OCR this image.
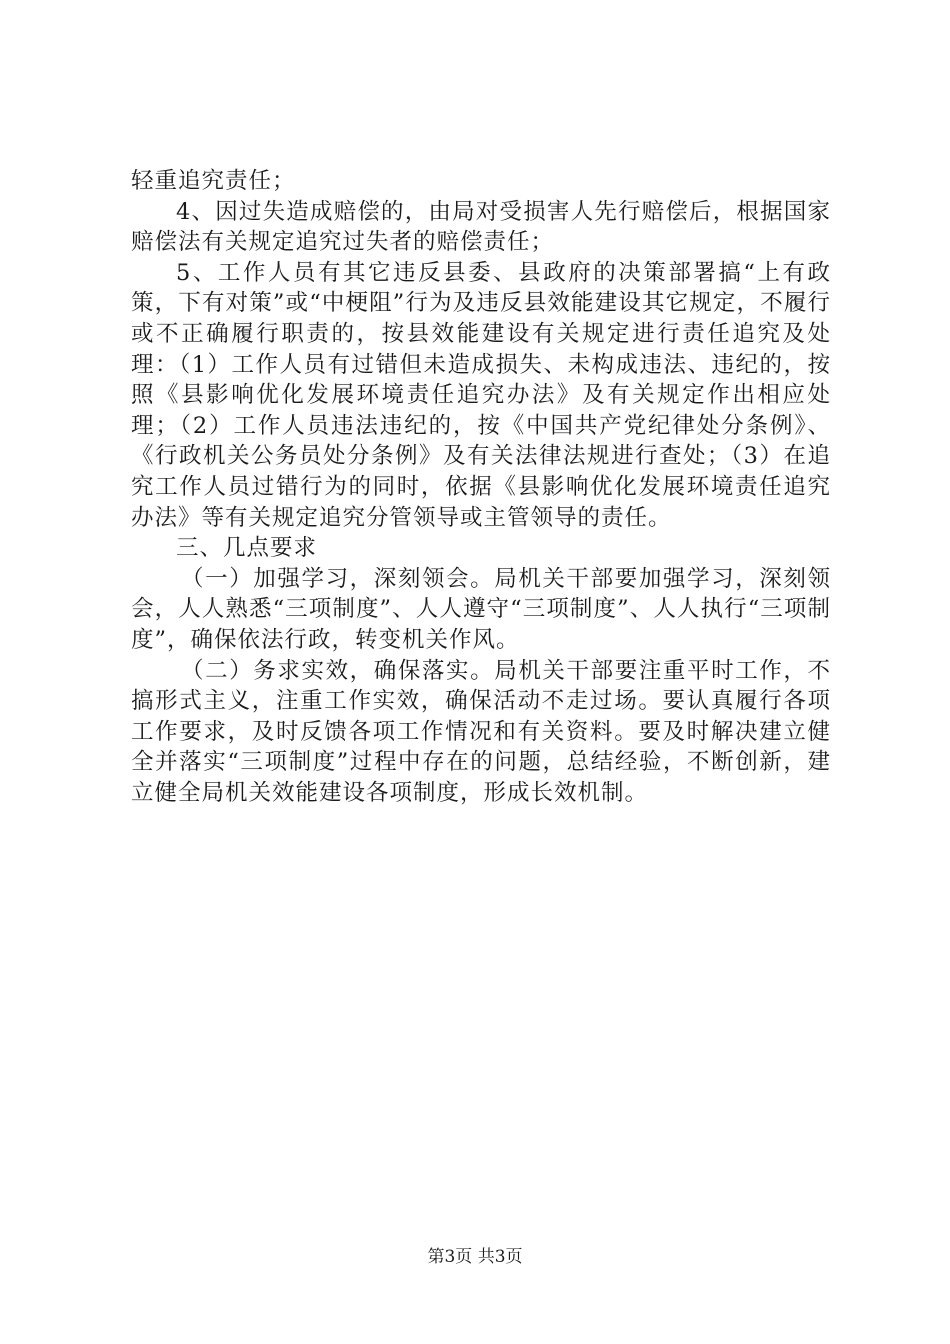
轻重追究责任；

4、因过失造成赔偿的，由局对受损害人先行赔偿后，根据国家赔偿法有关规定追究过失者的赔偿责任；

5、工作人员有其它违反县委、县政府的决策部署搞“上有政策，下有对策”或“中梗阻”行为及违反县效能建设其它规定，不履行或不正确履行职责的，按县效能建设有关规定进行责任追究及处理：（1）工作人员有过错但未造成损失、未构成违法、违纪的，按照《县影响优化发展环境责任追究办法》及有关规定作出相应处理；（2）工作人员违法违纪的，按《中国共产党纪律处分条例》、《行政机关公务员处分条例》及有关法律法规进行查处；（3）在追究工作人员过错行为的同时，依据《县影响优化发展环境责任追究办法》等有关规定追究分管领导或主管领导的责任。

三、几点要求

（一）加强学习，深刻领会。局机关干部要加强学习，深刻领会，人人熟悉“三项制度”、人人遵守“三项制度”、人人执行“三项制度”，确保依法行政，转变机关作风。

（二）务求实效，确保落实。局机关干部要注重平时工作，不搞形式主义，注重工作实效，确保活动不走过场。要认真履行各项工作要求，及时反馈各项工作情况和有关资料。要及时解决建立健全并落实“三项制度”过程中存在的问题，总结经验，不断创新，建立健全局机关效能建设各项制度，形成长效机制。

第3页 共3页
